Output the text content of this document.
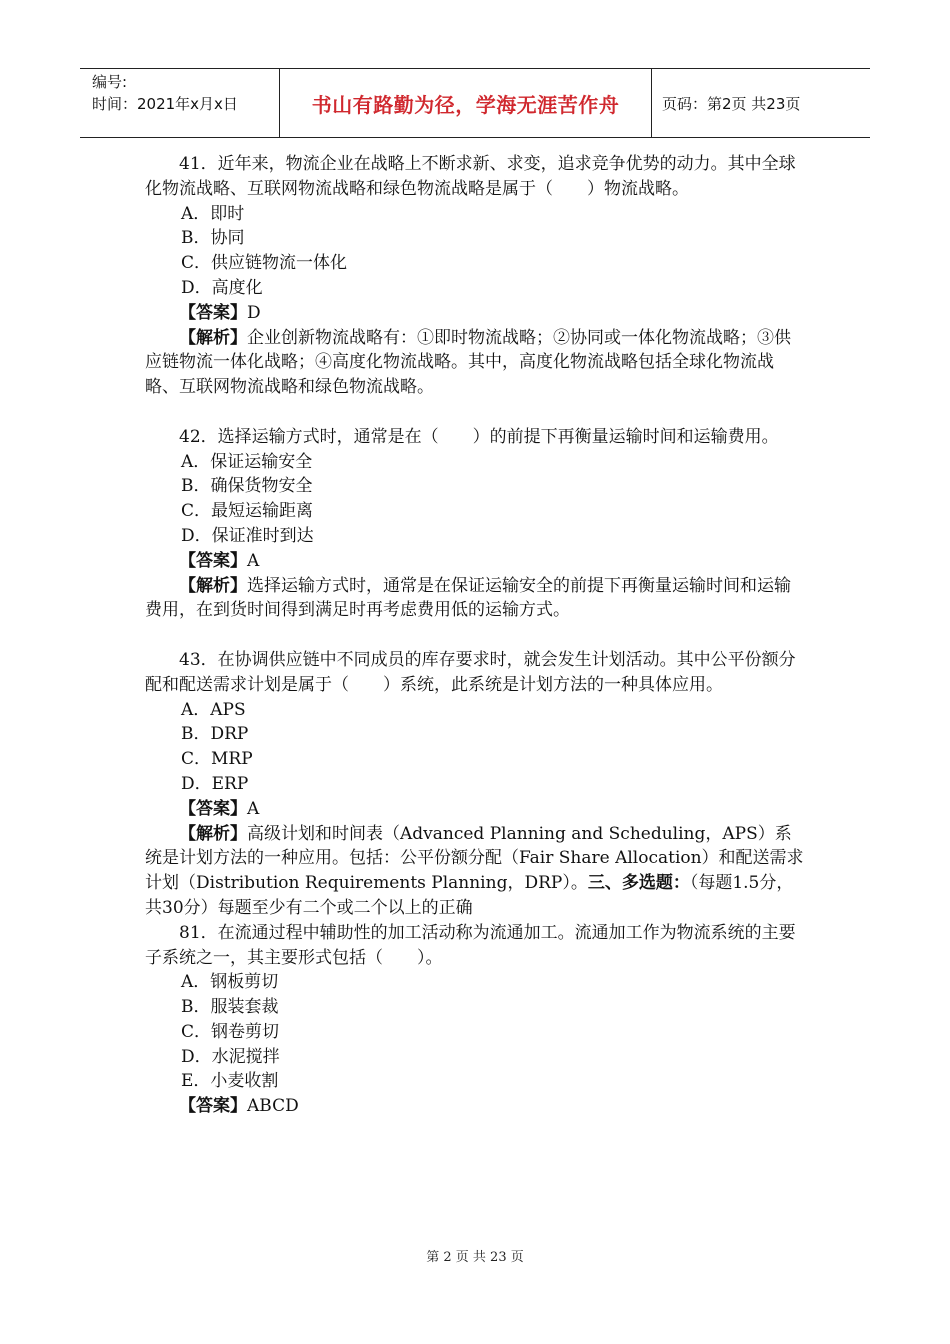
编号:
时间：2021年x月x日	书山有路勤为径，学海无涯苦作舟	页码：第2页 共23页

41．近年来，物流企业在战略上不断求新、求变，追求竞争优势的动力。其中全球化物流战略、互联网物流战略和绿色物流战略是属于（　　）物流战略。

A．即时

B．协同

C．供应链物流一体化

D．高度化

【答案】D

【解析】企业创新物流战略有：①即时物流战略；②协同或一体化物流战略；③供应链物流一体化战略；④高度化物流战略。其中，高度化物流战略包括全球化物流战略、互联网物流战略和绿色物流战略。

42．选择运输方式时，通常是在（　　）的前提下再衡量运输时间和运输费用。

A．保证运输安全

B．确保货物安全

C．最短运输距离

D．保证准时到达

【答案】A

【解析】选择运输方式时，通常是在保证运输安全的前提下再衡量运输时间和运输费用，在到货时间得到满足时再考虑费用低的运输方式。

43．在协调供应链中不同成员的库存要求时，就会发生计划活动。其中公平份额分配和配送需求计划是属于（　　）系统，此系统是计划方法的一种具体应用。

A．APS

B．DRP

C．MRP

D．ERP

【答案】A

【解析】高级计划和时间表（Advanced Planning and Scheduling，APS）系统是计划方法的一种应用。包括：公平份额分配（Fair Share Allocation）和配送需求计划（Distribution Requirements Planning，DRP）。三、多选题：（每题1.5分，共30分）每题至少有二个或二个以上的正确

81．在流通过程中辅助性的加工活动称为流通加工。流通加工作为物流系统的主要子系统之一，其主要形式包括（　　）。

A．钢板剪切

B．服装套裁

C．钢卷剪切

D．水泥搅拌

E．小麦收割

【答案】ABCD

第 2 页 共 23 页
